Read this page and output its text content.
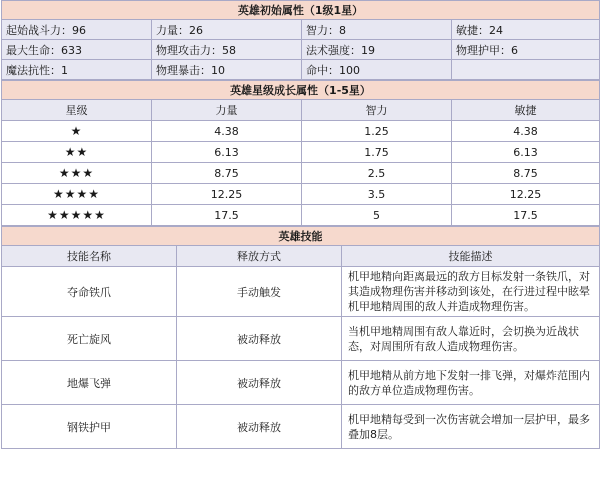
英雄初始属性（1级1星）			
起始战斗力：96	力量：26	智力：8	敏捷：24
最大生命：633	物理攻击力：58	法术强度：19	物理护甲：6
魔法抗性：1	物理暴击：10	命中：100	
英雄星级成长属性（1-5星）			
星级	力量	智力	敏捷
★	4.38	1.25	4.38
★★	6.13	1.75	6.13
★★★	8.75	2.5	8.75
★★★★	12.25	3.5	12.25
★★★★★	17.5	5	17.5
英雄技能		
技能名称	释放方式	技能描述
夺命铁爪	手动触发	机甲地精向距离最远的敌方目标发射一条铁爪，对其造成物理伤害并移动到该处，在行进过程中眩晕机甲地精周围的敌人并造成物理伤害。
死亡旋风	被动释放	当机甲地精周围有敌人靠近时，会切换为近战状态，对周围所有敌人造成物理伤害。
地爆飞弹	被动释放	机甲地精从前方地下发射一排飞弹，对爆炸范围内的敌方单位造成物理伤害。
钢铁护甲	被动释放	机甲地精每受到一次伤害就会增加一层护甲，最多叠加8层。
